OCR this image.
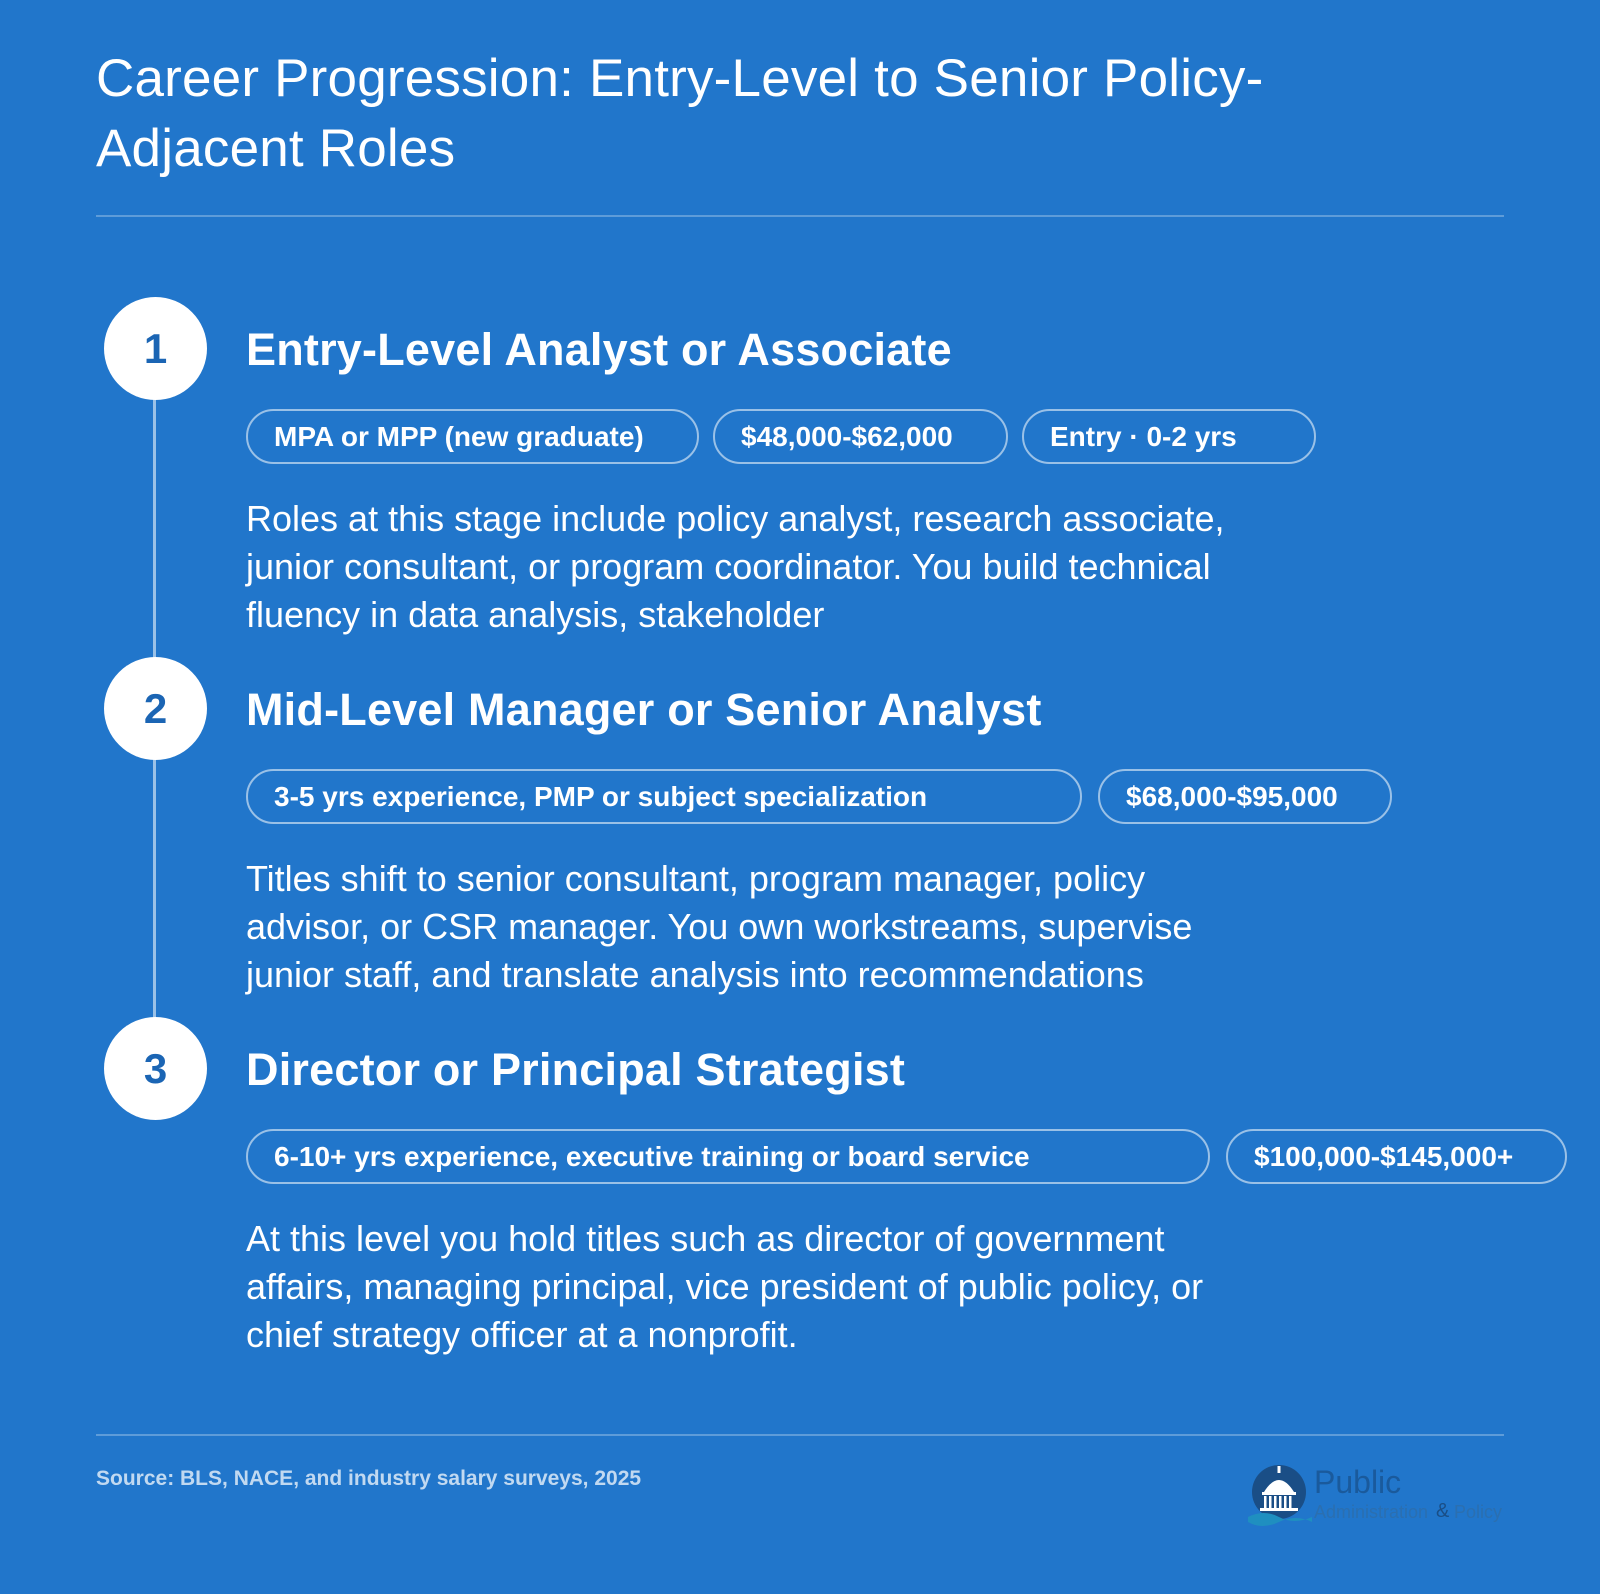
Career Progression: Entry-Level to Senior Policy-Adjacent Roles
1	Entry-Level Analyst or Associate
MPA or MPP (new graduate)	$48,000-$62,000	Entry · 0-2 yrs

Roles at this stage include policy analyst, research associate, junior consultant, or program coordinator. You build technical fluency in data analysis, stakeholder

2	Mid-Level Manager or Senior Analyst
3-5 yrs experience, PMP or subject specialization	$68,000-$95,000

Titles shift to senior consultant, program manager, policy advisor, or CSR manager. You own workstreams, supervise junior staff, and translate analysis into recommendations

3	Director or Principal Strategist
6-10+ yrs experience, executive training or board service	$100,000-$145,000+

At this level you hold titles such as director of government affairs, managing principal, vice president of public policy, or chief strategy officer at a nonprofit.

Source: BLS, NACE, and industry salary surveys, 2025	Public
Administration & Policy
